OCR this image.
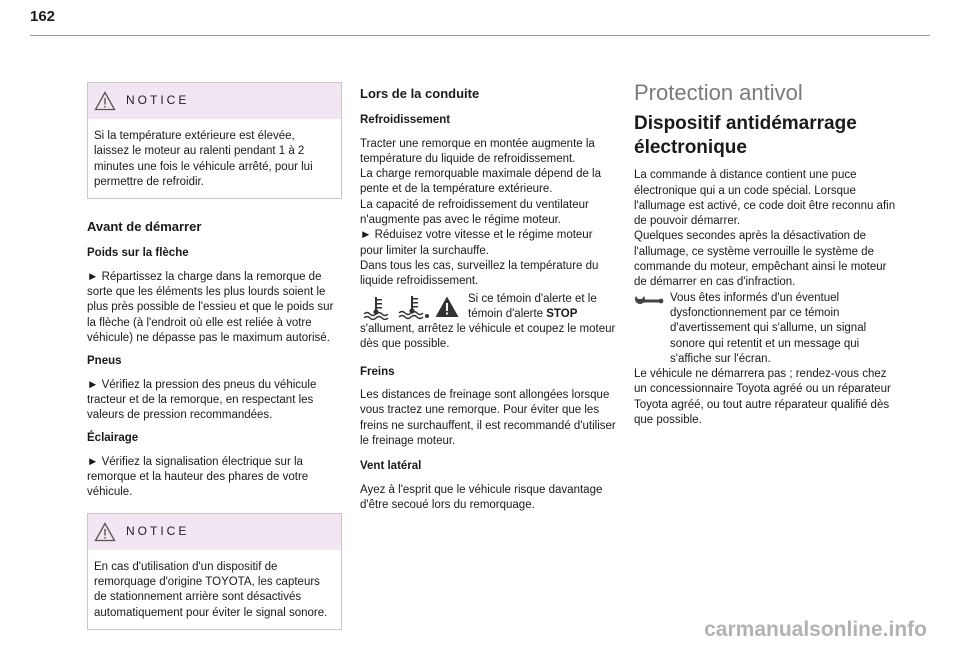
162
NOTICE
Si la température extérieure est élevée, laissez le moteur au ralenti pendant 1 à 2 minutes une fois le véhicule arrêté, pour lui permettre de refroidir.
Avant de démarrer
Poids sur la flèche

► Répartissez la charge dans la remorque de sorte que les éléments les plus lourds soient le plus près possible de l'essieu et que le poids sur la flèche (à l'endroit où elle est reliée à votre véhicule) ne dépasse pas le maximum autorisé.

Pneus

► Vérifiez la pression des pneus du véhicule tracteur et de la remorque, en respectant les valeurs de pression recommandées.

Éclairage

► Vérifiez la signalisation électrique sur la remorque et la hauteur des phares de votre véhicule.

NOTICE
En cas d'utilisation d'un dispositif de remorquage d'origine TOYOTA, les capteurs de stationnement arrière sont désactivés automatiquement pour éviter le signal sonore.
Lors de la conduite
Refroidissement

Tracter une remorque en montée augmente la température du liquide de refroidissement.

La charge remorquable maximale dépend de la pente et de la température extérieure.

La capacité de refroidissement du ventilateur n'augmente pas avec le régime moteur.

► Réduisez votre vitesse et le régime moteur pour limiter la surchauffe.

Dans tous les cas, surveillez la température du liquide refroidissement.

Si ce témoin d'alerte et le témoin d'alerte STOP

s'allument, arrêtez le véhicule et coupez le moteur dès que possible.

Freins

Les distances de freinage sont allongées lorsque vous tractez une remorque. Pour éviter que les freins ne surchauffent, il est recommandé d'utiliser le freinage moteur.

Vent latéral

Ayez à l'esprit que le véhicule risque davantage d'être secoué lors du remorquage.

Protection antivol
Dispositif antidémarrage électronique

La commande à distance contient une puce électronique qui a un code spécial. Lorsque l'allumage est activé, ce code doit être reconnu afin de pouvoir démarrer.

Quelques secondes après la désactivation de l'allumage, ce système verrouille le système de commande du moteur, empêchant ainsi le moteur de démarrer en cas d'infraction.

Vous êtes informés d'un éventuel dysfonctionnement par ce témoin d'avertissement qui s'allume, un signal sonore qui retentit et un message qui s'affiche sur l'écran.

Le véhicule ne démarrera pas ; rendez-vous chez un concessionnaire Toyota agréé ou un réparateur Toyota agréé, ou tout autre réparateur qualifié dès que possible.

carmanualsonline.info
